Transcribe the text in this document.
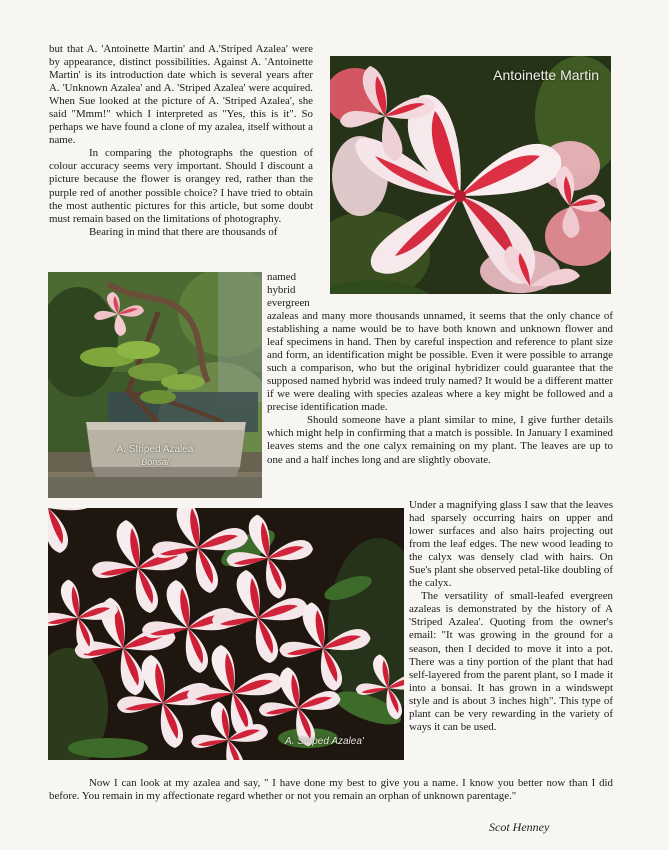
but that A. 'Antoinette Martin' and A.'Striped Azalea' were by appearance, distinct possibilities. Against A. 'Antoinette Martin' is its introduction date which is several years after A. 'Unknown Azalea' and A. 'Striped Azalea' were acquired. When Sue looked at the picture of A. 'Striped Azalea', she said "Mmm!" which I interpreted as "Yes, this is it". So perhaps we have found a clone of my azalea, itself without a name.

In comparing the photographs the question of colour accuracy seems very important. Should I discount a picture because the flower is orangey red, rather than the purple red of another possible choice? I have tried to obtain the most authentic pictures for this article, but some doubt must remain based on the limitations of photography.

Bearing in mind that there are thousands of

Antoinette Martin
A. Striped Azalea
Bonsai

named

hybrid

evergreen

azaleas and many more thousands unnamed, it seems that the only chance of establishing a name would be to have both known and unknown flower and leaf specimens in hand. Then by careful inspection and reference to plant size and form, an identification might be possible. Even it were possible to arrange such a comparison, who but the original hybridizer could guarantee that the supposed named hybrid was indeed truly named? It would be a different matter if we were dealing with species azaleas where a key might be followed and a precise identification made.

Should someone have a plant similar to mine, I give further details which might help in confirming that a match is possible. In January I examined leaves stems and the one calyx remaining on my plant. The leaves are up to one and a half inches long and are slightly obovate.

A. Striped Azalea'

Under a magnifying glass I saw that the leaves had sparsely occurring hairs on upper and lower surfaces and also hairs projecting out from the leaf edges. The new wood leading to the calyx was densely clad with hairs. On Sue's plant she observed petal-like doubling of the calyx.

The versatility of small-leafed evergreen azaleas is demonstrated by the history of A 'Striped Azalea'. Quoting from the owner's email: "It was growing in the ground for a season, then I decided to move it into a pot. There was a tiny portion of the plant that had self-layered from the parent plant, so I made it into a bonsai. It has grown in a windswept style and is about 3 inches high". This type of plant can be very rewarding in the variety of ways it can be used.

Now I can look at my azalea and say, " I have done my best to give you a name. I know you better now than I did before. You remain in my affectionate regard whether or not you remain an orphan of unknown parentage."

Scot Henney
